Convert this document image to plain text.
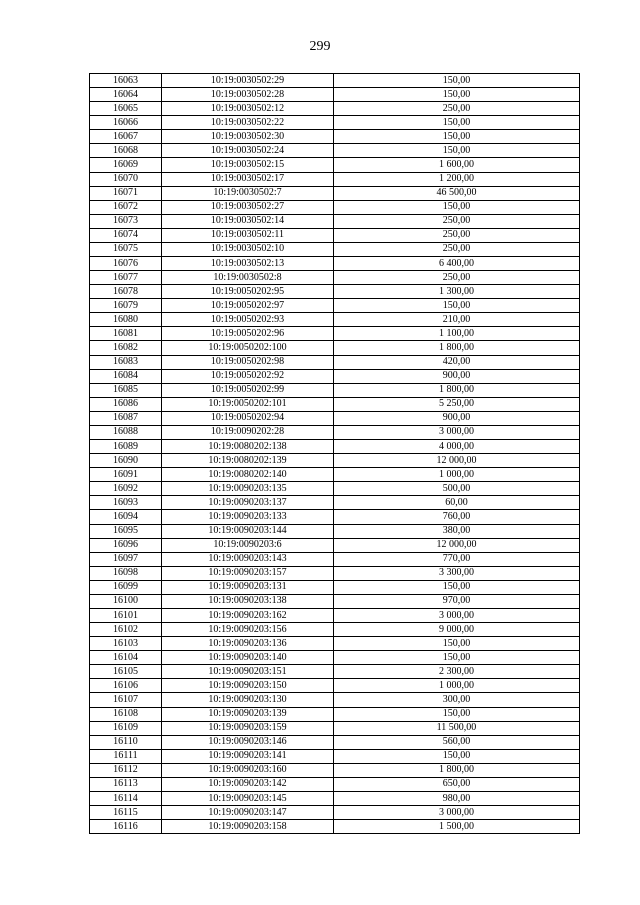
299
16063	10:19:0030502:29	150,00
16064	10:19:0030502:28	150,00
16065	10:19:0030502:12	250,00
16066	10:19:0030502:22	150,00
16067	10:19:0030502:30	150,00
16068	10:19:0030502:24	150,00
16069	10:19:0030502:15	1 600,00
16070	10:19:0030502:17	1 200,00
16071	10:19:0030502:7	46 500,00
16072	10:19:0030502:27	150,00
16073	10:19:0030502:14	250,00
16074	10:19:0030502:11	250,00
16075	10:19:0030502:10	250,00
16076	10:19:0030502:13	6 400,00
16077	10:19:0030502:8	250,00
16078	10:19:0050202:95	1 300,00
16079	10:19:0050202:97	150,00
16080	10:19:0050202:93	210,00
16081	10:19:0050202:96	1 100,00
16082	10:19:0050202:100	1 800,00
16083	10:19:0050202:98	420,00
16084	10:19:0050202:92	900,00
16085	10:19:0050202:99	1 800,00
16086	10:19:0050202:101	5 250,00
16087	10:19:0050202:94	900,00
16088	10:19:0090202:28	3 000,00
16089	10:19:0080202:138	4 000,00
16090	10:19:0080202:139	12 000,00
16091	10:19:0080202:140	1 000,00
16092	10:19:0090203:135	500,00
16093	10:19:0090203:137	60,00
16094	10:19:0090203:133	760,00
16095	10:19:0090203:144	380,00
16096	10:19:0090203:6	12 000,00
16097	10:19:0090203:143	770,00
16098	10:19:0090203:157	3 300,00
16099	10:19:0090203:131	150,00
16100	10:19:0090203:138	970,00
16101	10:19:0090203:162	3 000,00
16102	10:19:0090203:156	9 000,00
16103	10:19:0090203:136	150,00
16104	10:19:0090203:140	150,00
16105	10:19:0090203:151	2 300,00
16106	10:19:0090203:150	1 000,00
16107	10:19:0090203:130	300,00
16108	10:19:0090203:139	150,00
16109	10:19:0090203:159	11 500,00
16110	10:19:0090203:146	560,00
16111	10:19:0090203:141	150,00
16112	10:19:0090203:160	1 800,00
16113	10:19:0090203:142	650,00
16114	10:19:0090203:145	980,00
16115	10:19:0090203:147	3 000,00
16116	10:19:0090203:158	1 500,00
